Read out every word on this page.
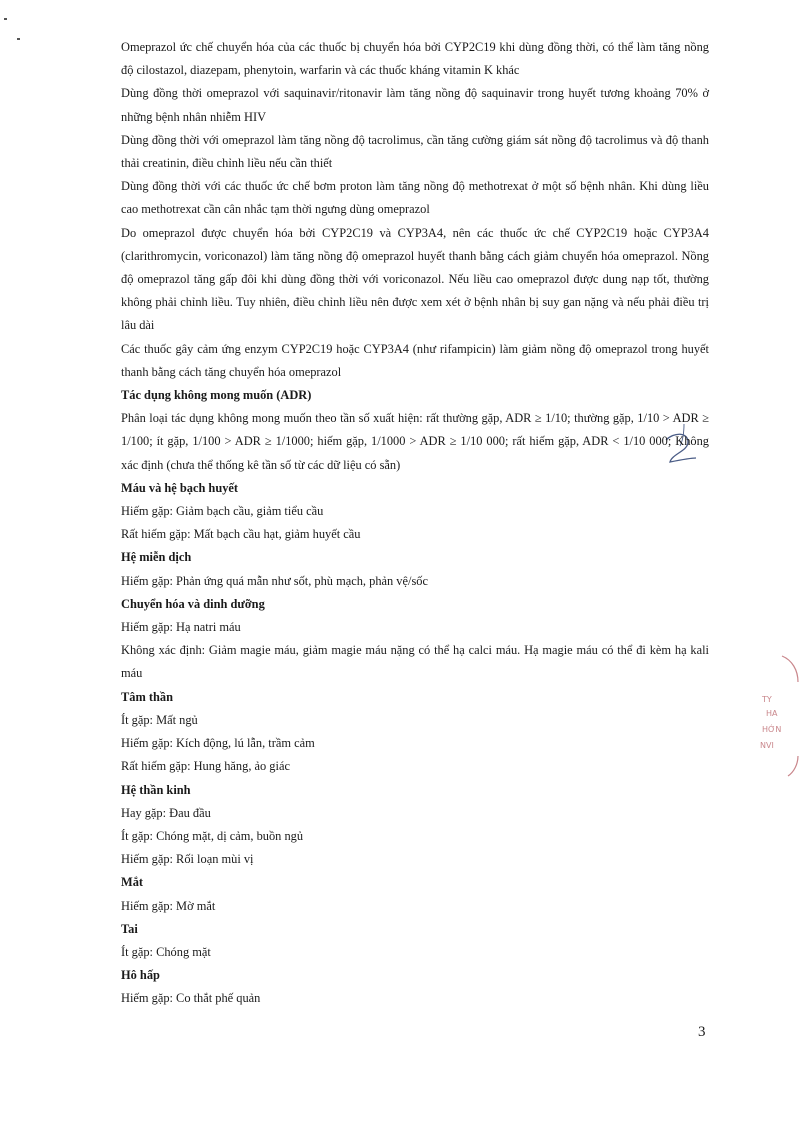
TY
HA
HỚN
NVI

Omeprazol ức chế chuyển hóa của các thuốc bị chuyển hóa bởi CYP2C19 khi dùng đồng thời, có thể làm tăng nồng độ cilostazol, diazepam, phenytoin, warfarin và các thuốc kháng vitamin K khác

Dùng đồng thời omeprazol với saquinavir/ritonavir làm tăng nồng độ saquinavir trong huyết tương khoảng 70% ở những bệnh nhân nhiễm HIV

Dùng đồng thời với omeprazol làm tăng nồng độ tacrolimus, cần tăng cường giám sát nồng độ tacrolimus và độ thanh thải creatinin, điều chỉnh liều nếu cần thiết

Dùng đồng thời với các thuốc ức chế bơm proton làm tăng nồng độ methotrexat ở một số bệnh nhân. Khi dùng liều cao methotrexat cần cân nhắc tạm thời ngưng dùng omeprazol

Do omeprazol được chuyển hóa bởi CYP2C19 và CYP3A4, nên các thuốc ức chế CYP2C19 hoặc CYP3A4 (clarithromycin, voriconazol) làm tăng nồng độ omeprazol huyết thanh bằng cách giảm chuyển hóa omeprazol. Nồng độ omeprazol tăng gấp đôi khi dùng đồng thời với voriconazol. Nếu liều cao omeprazol được dung nạp tốt, thường không phải chỉnh liều. Tuy nhiên, điều chỉnh liều nên được xem xét ở bệnh nhân bị suy gan nặng và nếu phải điều trị lâu dài

Các thuốc gây cảm ứng enzym CYP2C19 hoặc CYP3A4 (như rifampicin) làm giảm nồng độ omeprazol trong huyết thanh bằng cách tăng chuyển hóa omeprazol

Tác dụng không mong muốn (ADR)

Phân loại tác dụng không mong muốn theo tần số xuất hiện: rất thường gặp, ADR ≥ 1/10; thường gặp, 1/10 > ADR ≥ 1/100; ít gặp, 1/100 > ADR ≥ 1/1000; hiếm gặp, 1/1000 > ADR ≥ 1/10 000; rất hiếm gặp, ADR < 1/10 000; Không xác định (chưa thể thống kê tần số từ các dữ liệu có sẵn)

Máu và hệ bạch huyết

Hiếm gặp: Giảm bạch cầu, giảm tiểu cầu

Rất hiếm gặp: Mất bạch cầu hạt, giảm huyết cầu

Hệ miễn dịch

Hiếm gặp: Phản ứng quá mẫn như sốt, phù mạch, phản vệ/sốc

Chuyển hóa và dinh dưỡng

Hiếm gặp: Hạ natri máu

Không xác định: Giảm magie máu, giảm magie máu nặng có thể hạ calci máu. Hạ magie máu có thể đi kèm hạ kali máu

Tâm thần

Ít gặp: Mất ngủ

Hiếm gặp: Kích động, lú lẫn, trầm cảm

Rất hiếm gặp: Hung hăng, ảo giác

Hệ thần kinh

Hay gặp: Đau đầu

Ít gặp: Chóng mặt, dị cảm, buồn ngủ

Hiếm gặp: Rối loạn mùi vị

Mắt

Hiếm gặp: Mờ mắt

Tai

Ít gặp: Chóng mặt

Hô hấp

Hiếm gặp: Co thắt phế quản

3
